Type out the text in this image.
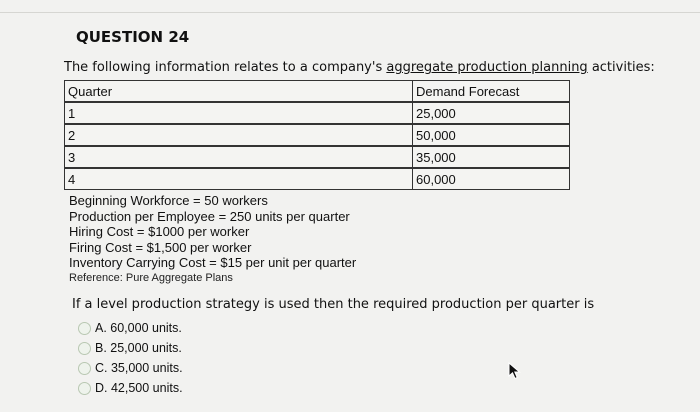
QUESTION 24
The following information relates to a company's aggregate production planning activities:
Quarter	Demand Forecast
1	25,000
2	50,000
3	35,000
4	60,000
Beginning Workforce = 50 workers
Production per Employee = 250 units per quarter
Hiring Cost = $1000 per worker
Firing Cost = $1,500 per worker
Inventory Carrying Cost = $15 per unit per quarter
Reference: Pure Aggregate Plans
If a level production strategy is used then the required production per quarter is
A. 60,000 units.
B. 25,000 units.
C. 35,000 units.
D. 42,500 units.
